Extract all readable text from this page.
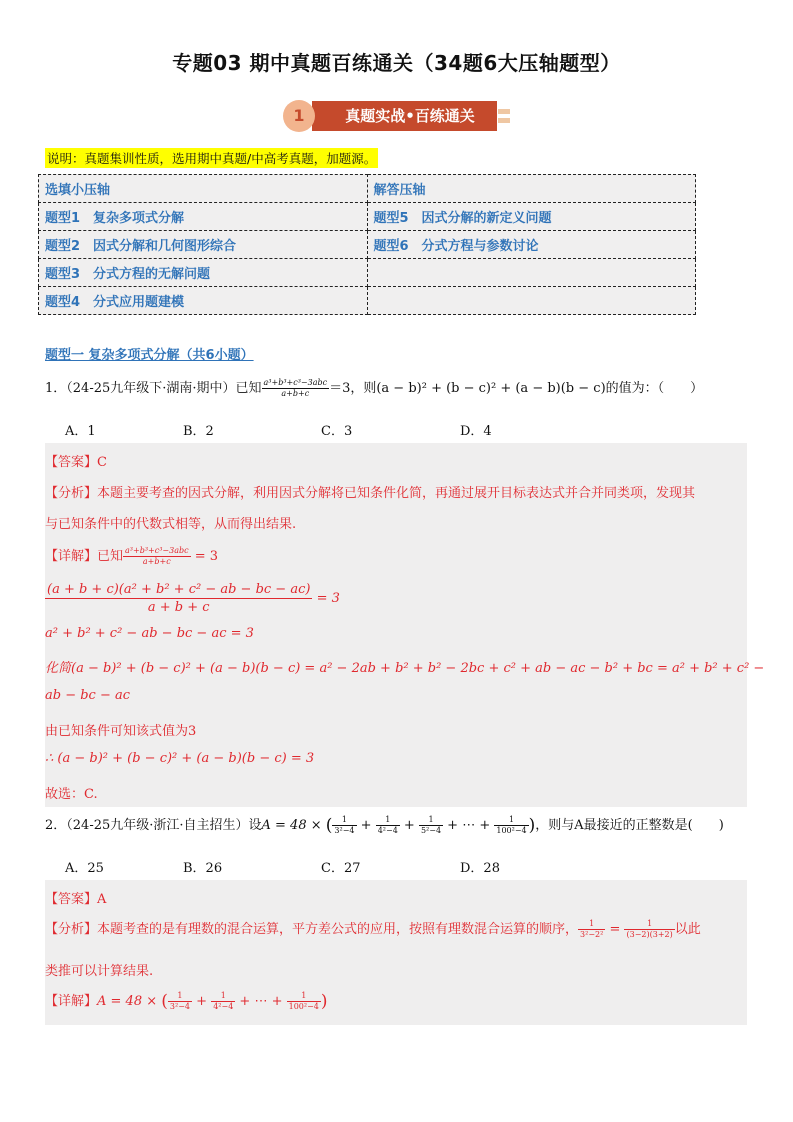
专题03 期中真题百练通关（34题6大压轴题型）
1	真题实战•百练通关
说明：真题集训性质，选用期中真题/中高考真题，加题源。
选填小压轴	解答压轴
题型1　复杂多项式分解	题型5　因式分解的新定义问题
题型2　因式分解和几何图形综合	题型6　分式方程与参数讨论
题型3　分式方程的无解问题	
题型4　分式应用题建模	
题型一 复杂多项式分解（共6小题）
1．（24-25九年级下·湖南·期中）已知 $\frac{\text{a³+b³+c³−3abc}}{a+b+c} =3$，则(a − b)² + (b − c)² + (a − b)(b − c)的值为：（　　）
A．1	B．2	C．3	D．4
【答案】C
【分析】本题主要考查的因式分解，利用因式分解将已知条件化简，再通过展开目标表达式并合并同类项，发现其
与已知条件中的代数式相等，从而得出结果.
【详解】已知 $\frac{\text{a³+b³+c³−3abc}}{a+b+c} = 3$
$\frac{\text{(a + b + c)(a² + b² + c² − ab − bc − ac)}}{a + b + c} = 3$
a² + b² + c² − ab − bc − ac = 3
化简(a − b)² + (b − c)² + (a − b)(b − c) = a² − 2ab + b² + b² − 2bc + c² + ab − ac − b² + bc = a² + b² + c² −
ab − bc − ac
由已知条件可知该式值为3
∴ (a − b)² + (b − c)² + (a − b)(b − c) = 3
故选：C.
2．（24-25九年级·浙江·自主招生）设A = 48 × ( $\frac{1}{\text{3²−4}} + \frac{1}{\text{4²−4}} + \frac{1}{\text{5²−4}}$ + ⋯ + $\frac{1}{\text{100²−4}}$ )，则与A最接近的正整数是(　　)
A．25	B．26	C．27	D．28
【答案】A
【分析】本题考查的是有理数的混合运算，平方差公式的应用，按照有理数混合运算的顺序， $\frac{1}{\text{3²−2²}} = \frac{1}{(3-2)(3+2)}$ 以此
类推可以计算结果.
【详解】A = 48 × ( $\frac{1}{\text{3²−4}} + \frac{1}{\text{4²−4}}$ + ⋯ + $\frac{1}{\text{100²−4}}$ )
